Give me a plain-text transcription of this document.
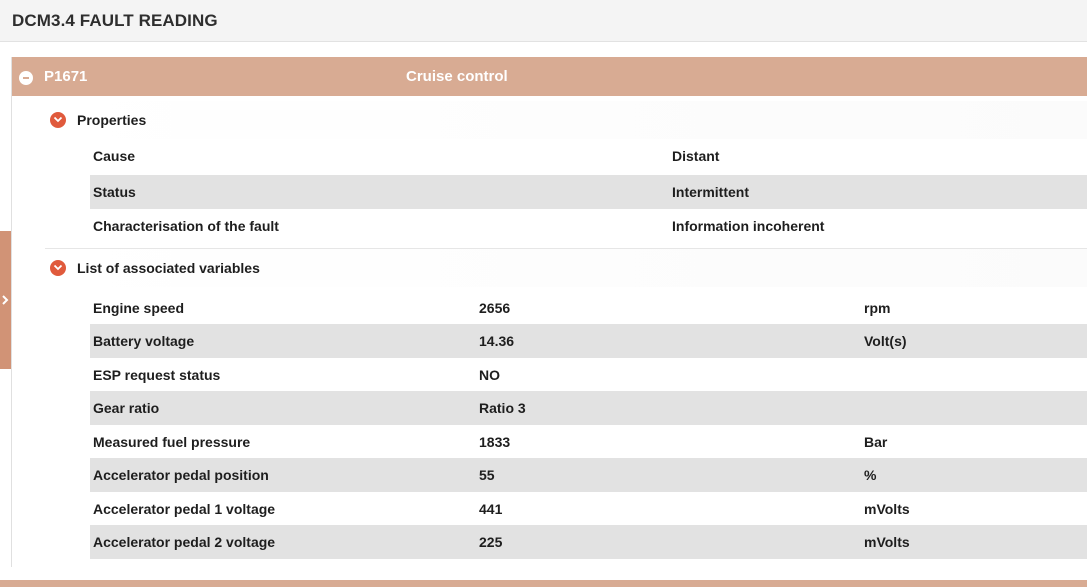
DCM3.4 FAULT READING
P1671	Cruise control
Properties
Cause	Distant
Status	Intermittent
Characterisation of the fault	Information incoherent
List of associated variables
Engine speed	2656	rpm
Battery voltage	14.36	Volt(s)
ESP request status	NO
Gear ratio	Ratio 3
Measured fuel pressure	1833	Bar
Accelerator pedal position	55	%
Accelerator pedal 1 voltage	441	mVolts
Accelerator pedal 2 voltage	225	mVolts
